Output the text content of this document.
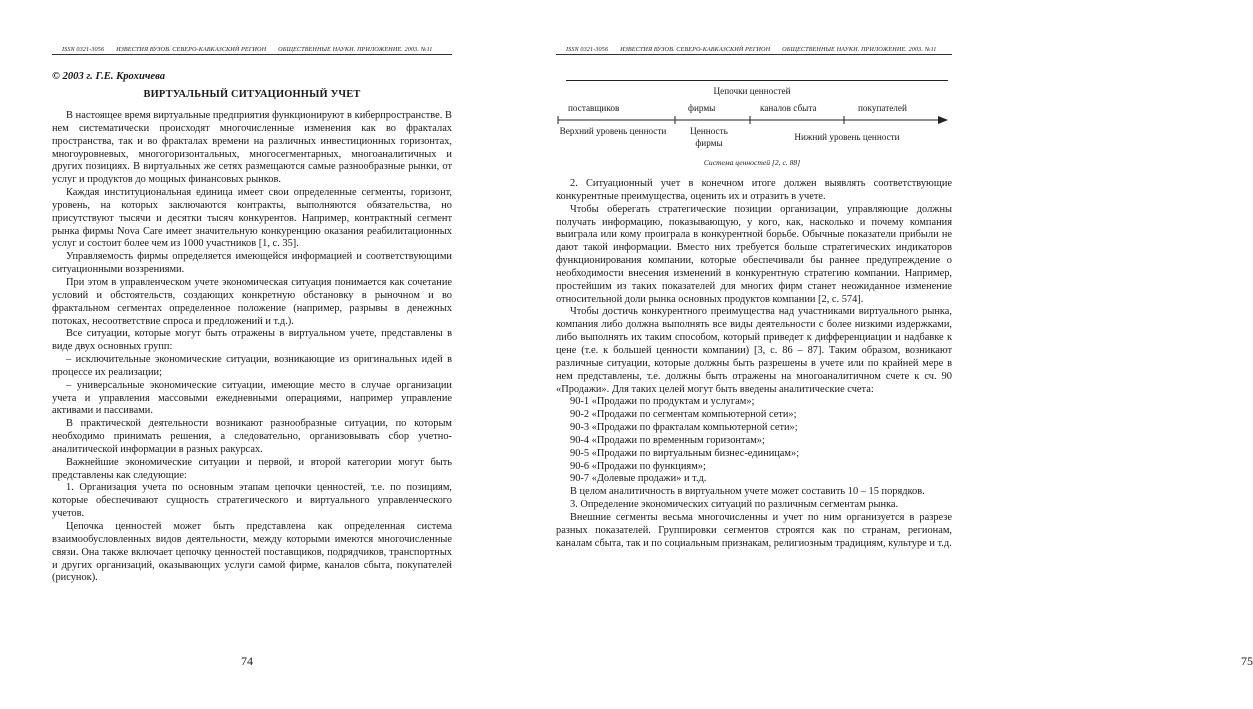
ISSN 0321-3056 ИЗВЕСТИЯ ВУЗОВ. СЕВЕРО-КАВКАЗСКИЙ РЕГИОН ОБЩЕСТВЕННЫЕ НАУКИ. ПРИЛОЖЕНИЕ. 2003. №11
© 2003 г. Г.Е. Крохичева
ВИРТУАЛЬНЫЙ СИТУАЦИОННЫЙ УЧЕТ

В настоящее время виртуальные предприятия функционируют в киберпространстве. В нем систематически происходят многочисленные изменения как во фракталах пространства, так и во фракталах времени на различных инвестиционных горизонтах, многоуровневых, многогоризонтальных, многосегментарных, многоаналитичных и других позициях. В виртуальных же сетях размещаются самые разнообразные рынки, от услуг и продуктов до мощных финансовых рынков.

Каждая институциональная единица имеет свои определенные сегменты, горизонт, уровень, на которых заключаются контракты, выполняются обязательства, но присутствуют тысячи и десятки тысяч конкурентов. Например, контрактный сегмент рынка фирмы Nova Care имеет значительную конкуренцию оказания реабилитационных услуг и состоит более чем из 1000 участников [1, с. 35].

Управляемость фирмы определяется имеющейся информацией и соответствующими ситуационными воззрениями.

При этом в управленческом учете экономическая ситуация понимается как сочетание условий и обстоятельств, создающих конкретную обстановку в рыночном и во фрактальном сегментах определенное положение (например, разрывы в денежных потоках, несоответствие спроса и предложений и т.д.).

Все ситуации, которые могут быть отражены в виртуальном учете, представлены в виде двух основных групп:

– исключительные экономические ситуации, возникающие из оригинальных идей в процессе их реализации;

– универсальные экономические ситуации, имеющие место в случае организации учета и управления массовыми ежедневными операциями, например управление активами и пассивами.

В практической деятельности возникают разнообразные ситуации, по которым необходимо принимать решения, а следовательно, организовывать сбор учетно-аналитической информации в разных ракурсах.

Важнейшие экономические ситуации и первой, и второй категории могут быть представлены как следующие:

1. Организация учета по основным этапам цепочки ценностей, т.е. по позициям, которые обеспечивают сущность стратегического и виртуального управленческого учетов.

Цепочка ценностей может быть представлена как определенная система взаимообусловленных видов деятельности, между которыми имеются многочисленные связи. Она также включает цепочку ценностей поставщиков, подрядчиков, транспортных и других организаций, оказывающих услуги самой фирме, каналов сбыта, покупателей (рисунок).

74
ISSN 0321-3056 ИЗВЕСТИЯ ВУЗОВ. СЕВЕРО-КАВКАЗСКИЙ РЕГИОН ОБЩЕСТВЕННЫЕ НАУКИ. ПРИЛОЖЕНИЕ. 2003. №11
75
Цепочки ценностей
поставщиков	фирмы	каналов сбыта	покупателей
Верхний уровень ценности	Ценность фирмы
Нижний уровень ценности
Система ценностей [2, с. 88]

2. Ситуационный учет в конечном итоге должен выявлять соответствующие конкурентные преимущества, оценить их и отразить в учете.

Чтобы оберегать стратегические позиции организации, управляющие должны получать информацию, показывающую, у кого, как, насколько и почему компания выиграла или кому проиграла в конкурентной борьбе. Обычные показатели прибыли не дают такой информации. Вместо них требуется больше стратегических индикаторов функционирования компании, которые обеспечивали бы раннее предупреждение о необходимости внесения изменений в конкурентную стратегию компании. Например, простейшим из таких показателей для многих фирм станет неожиданное изменение относительной доли рынка основных продуктов компании [2, с. 574].

Чтобы достичь конкурентного преимущества над участниками виртуального рынка, компания либо должна выполнять все виды деятельности с более низкими издержками, либо выполнять их таким способом, который приведет к дифференциации и надбавке к цене (т.е. к большей ценности компании) [3, с. 86 – 87]. Таким образом, возникают различные ситуации, которые должны быть разрешены в учете или по крайней мере в нем представлены, т.е. должны быть отражены на многоаналитичном счете к сч. 90 «Продажи». Для таких целей могут быть введены аналитические счета:

90-1 «Продажи по продуктам и услугам»;

90-2 «Продажи по сегментам компьютерной сети»;

90-3 «Продажи по фракталам компьютерной сети»;

90-4 «Продажи по временным горизонтам»;

90-5 «Продажи по виртуальным бизнес-единицам»;

90-6 «Продажи по функциям»;

90-7 «Долевые продажи» и т.д.

В целом аналитичность в виртуальном учете может составить 10 – 15 порядков.

3. Определение экономических ситуаций по различным сегментам рынка.

Внешние сегменты весьма многочисленны и учет по ним организуется в разрезе разных показателей. Группировки сегментов строятся как по странам, регионам, каналам сбыта, так и по социальным признакам, религиозным традициям, культуре и т.д.
